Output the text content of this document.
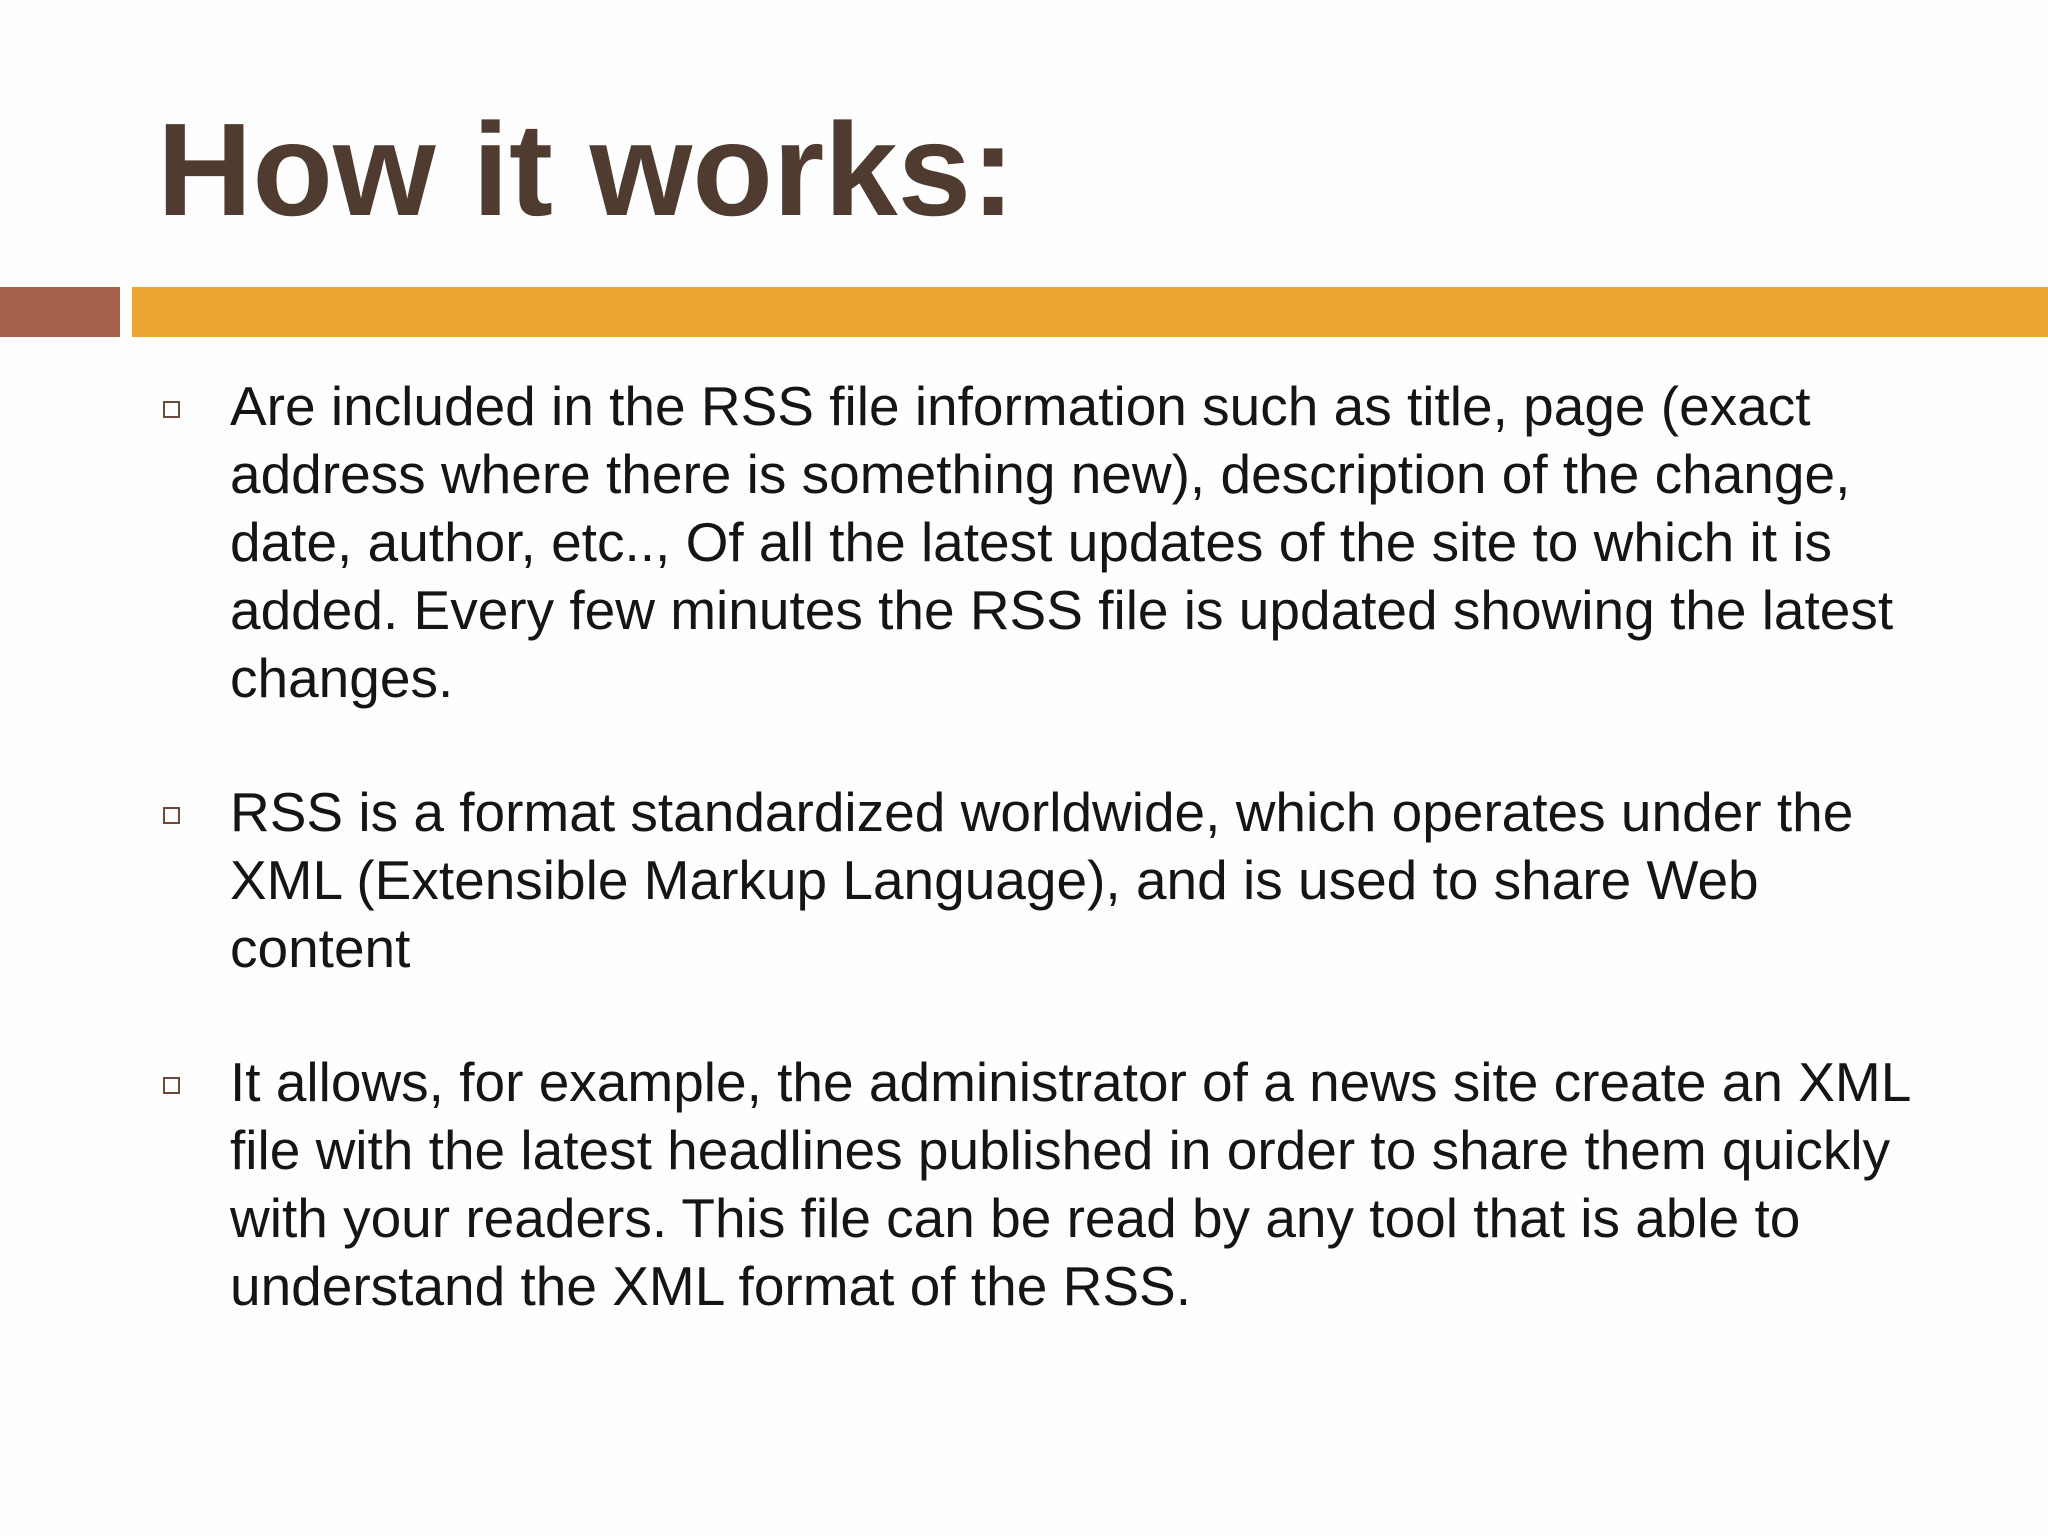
How it works:
Are included in the RSS file information such as title, page (exact address where there is something new), description of the change, date, author, etc.., Of all the latest updates of the site to which it is added. Every few minutes the RSS file is updated showing the latest changes.
RSS is a format standardized worldwide, which operates under the XML (Extensible Markup Language), and is used to share Web content
It allows, for example, the administrator of a news site create an XML file with the latest headlines published in order to share them quickly with your readers. This file can be read by any tool that is able to understand the XML format of the RSS.
